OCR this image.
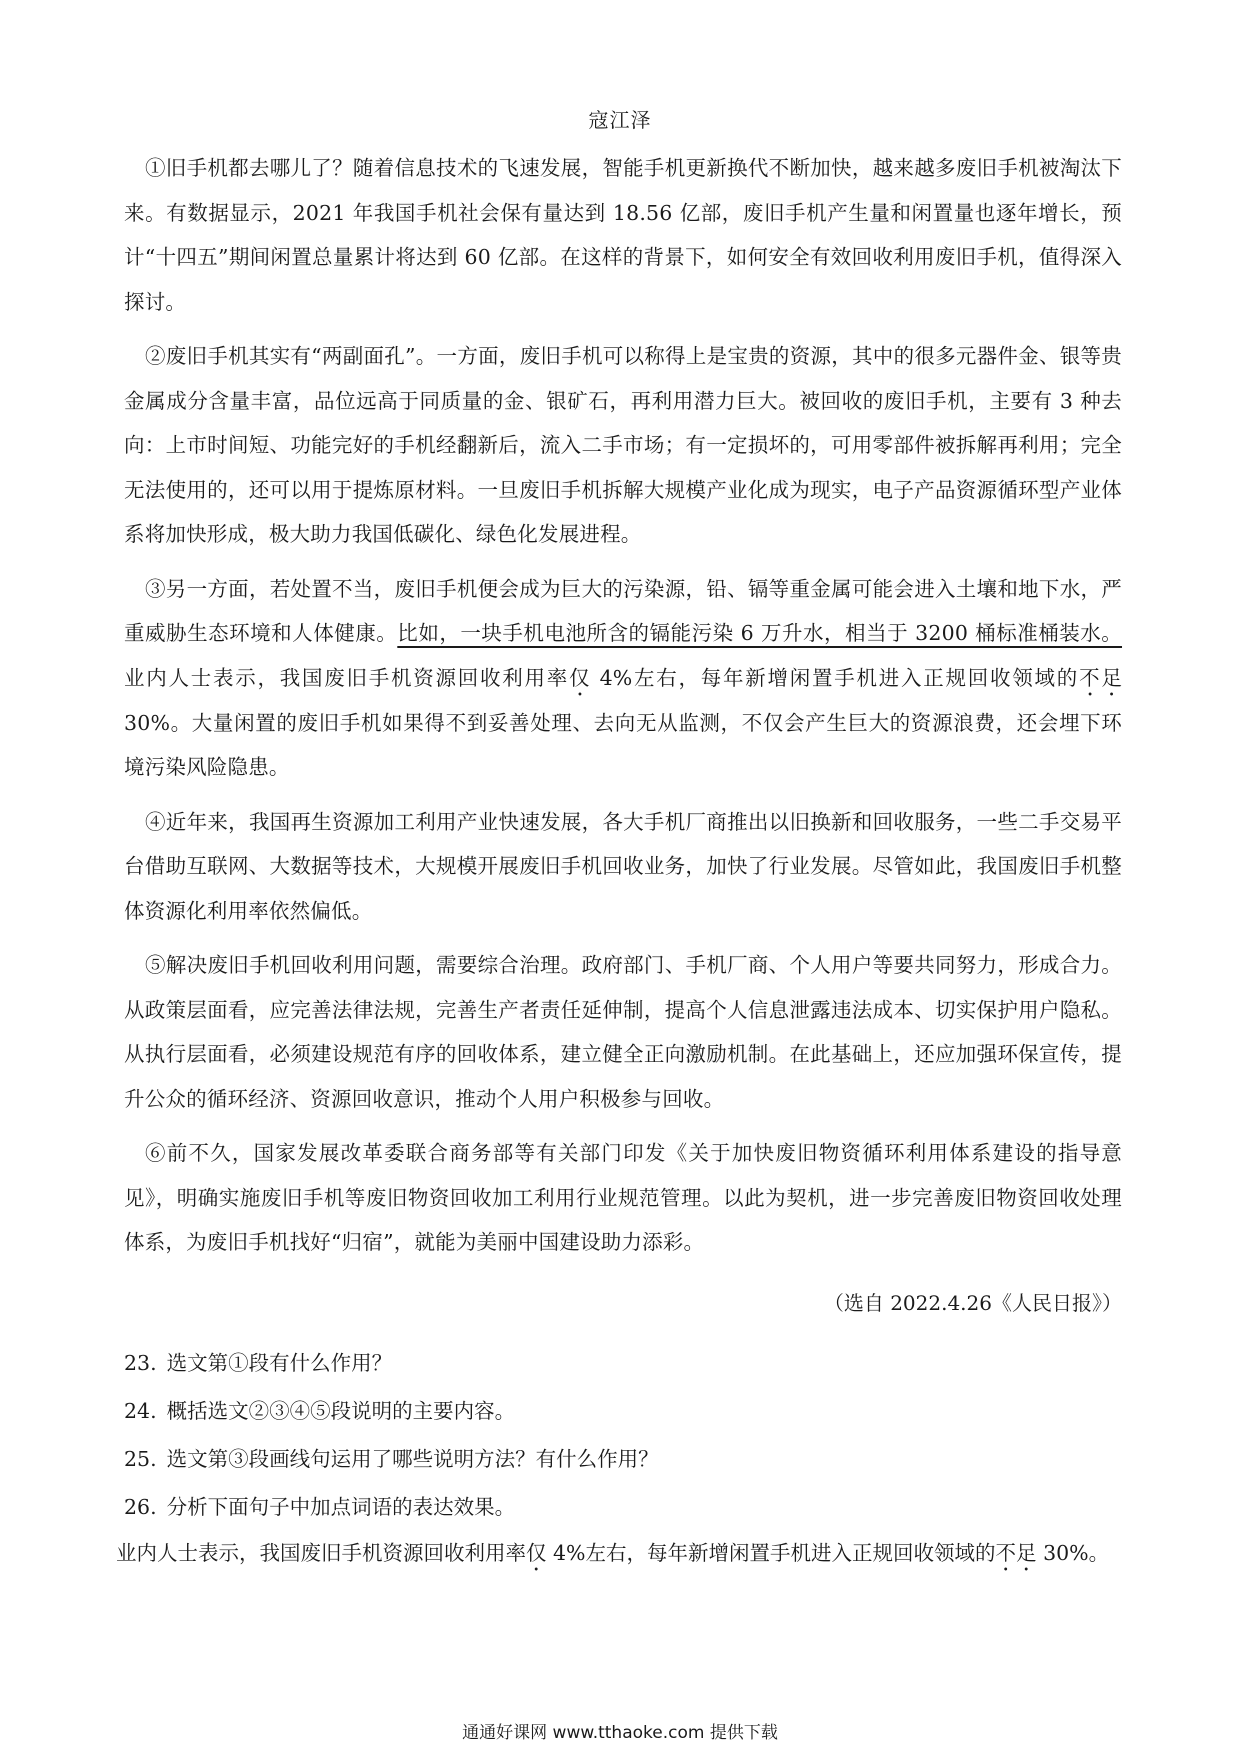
寇江泽

①旧手机都去哪儿了？随着信息技术的飞速发展，智能手机更新换代不断加快，越来越多废旧手机被淘汰下来。有数据显示，2021 年我国手机社会保有量达到 18.56 亿部，废旧手机产生量和闲置量也逐年增长，预计“十四五”期间闲置总量累计将达到 60 亿部。在这样的背景下，如何安全有效回收利用废旧手机，值得深入探讨。

②废旧手机其实有“两副面孔”。一方面，废旧手机可以称得上是宝贵的资源，其中的很多元器件金、银等贵金属成分含量丰富，品位远高于同质量的金、银矿石，再利用潜力巨大。被回收的废旧手机，主要有 3 种去向：上市时间短、功能完好的手机经翻新后，流入二手市场；有一定损坏的，可用零部件被拆解再利用；完全无法使用的，还可以用于提炼原材料。一旦废旧手机拆解大规模产业化成为现实，电子产品资源循环型产业体系将加快形成，极大助力我国低碳化、绿色化发展进程。

③另一方面，若处置不当，废旧手机便会成为巨大的污染源，铅、镉等重金属可能会进入土壤和地下水，严重威胁生态环境和人体健康。比如，一块手机电池所含的镉能污染 6 万升水，相当于 3200 桶标准桶装水。业内人士表示，我国废旧手机资源回收利用率仅 4%左右，每年新增闲置手机进入正规回收领域的不足 30%。大量闲置的废旧手机如果得不到妥善处理、去向无从监测，不仅会产生巨大的资源浪费，还会埋下环境污染风险隐患。

④近年来，我国再生资源加工利用产业快速发展，各大手机厂商推出以旧换新和回收服务，一些二手交易平台借助互联网、大数据等技术，大规模开展废旧手机回收业务，加快了行业发展。尽管如此，我国废旧手机整体资源化利用率依然偏低。

⑤解决废旧手机回收利用问题，需要综合治理。政府部门、手机厂商、个人用户等要共同努力，形成合力。从政策层面看，应完善法律法规，完善生产者责任延伸制，提高个人信息泄露违法成本、切实保护用户隐私。从执行层面看，必须建设规范有序的回收体系，建立健全正向激励机制。在此基础上，还应加强环保宣传，提升公众的循环经济、资源回收意识，推动个人用户积极参与回收。

⑥前不久，国家发展改革委联合商务部等有关部门印发《关于加快废旧物资循环利用体系建设的指导意见》，明确实施废旧手机等废旧物资回收加工利用行业规范管理。以此为契机，进一步完善废旧物资回收处理体系，为废旧手机找好“归宿”，就能为美丽中国建设助力添彩。

（选自 2022.4.26《人民日报》）

23. 选文第①段有什么作用？

24. 概括选文②③④⑤段说明的主要内容。

25. 选文第③段画线句运用了哪些说明方法？有什么作用？

26. 分析下面句子中加点词语的表达效果。

业内人士表示，我国废旧手机资源回收利用率仅 4%左右，每年新增闲置手机进入正规回收领域的不足 30%。

通通好课网 www.tthaoke.com 提供下载
